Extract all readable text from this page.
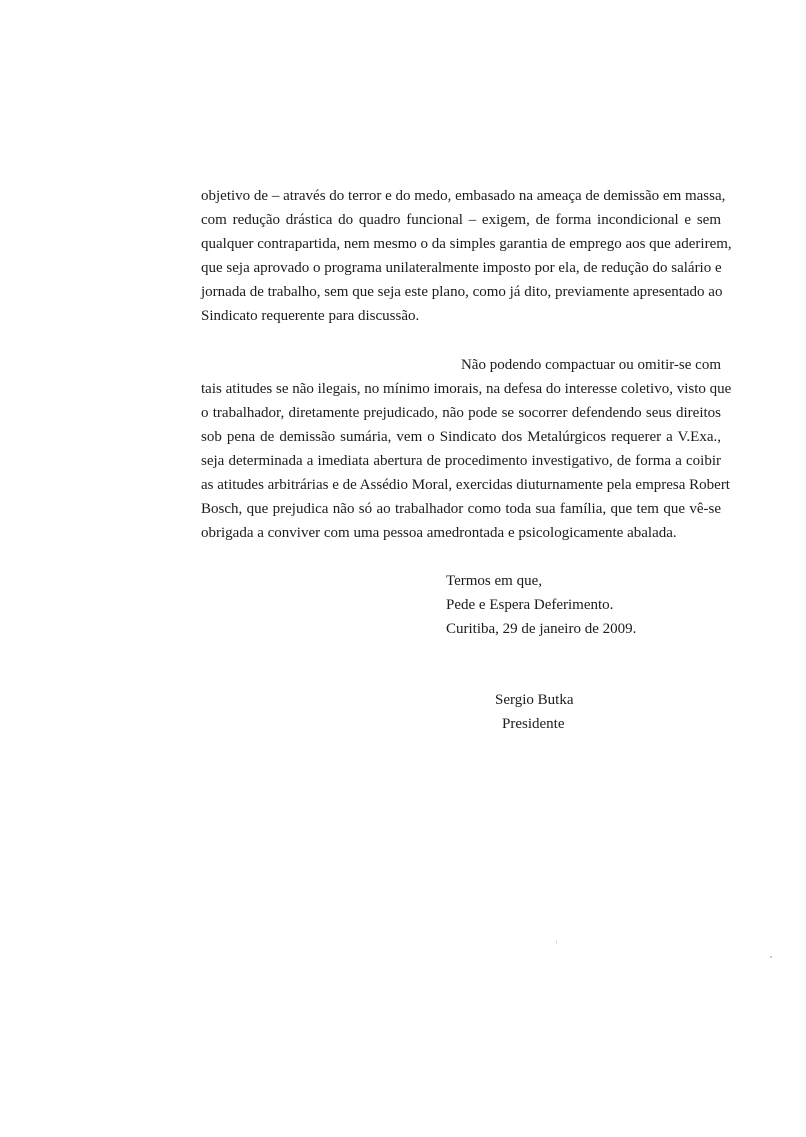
objetivo de – através do terror e do medo, embasado na ameaça de demissão em massa,
com redução drástica do quadro funcional – exigem, de forma incondicional e sem
qualquer contrapartida, nem mesmo o da simples garantia de emprego aos que aderirem,
que seja aprovado o programa unilateralmente imposto por ela, de redução do salário e
jornada de trabalho, sem que seja este plano, como já dito, previamente apresentado ao
Sindicato requerente para discussão.
Não podendo compactuar ou omitir-se com
tais atitudes se não ilegais, no mínimo imorais, na defesa do interesse coletivo, visto que
o trabalhador, diretamente prejudicado, não pode se socorrer defendendo seus direitos
sob pena de demissão sumária, vem o Sindicato dos Metalúrgicos requerer a V.Exa.,
seja determinada a imediata abertura de procedimento investigativo, de forma a coibir
as atitudes arbitrárias e de Assédio Moral, exercidas diuturnamente pela empresa Robert
Bosch, que prejudica não só ao trabalhador como toda sua família, que tem que vê-se
obrigada a conviver com uma pessoa amedrontada e psicologicamente abalada.
Termos em que,
Pede e Espera Deferimento.
Curitiba, 29 de janeiro de 2009.
Sergio Butka
Presidente
